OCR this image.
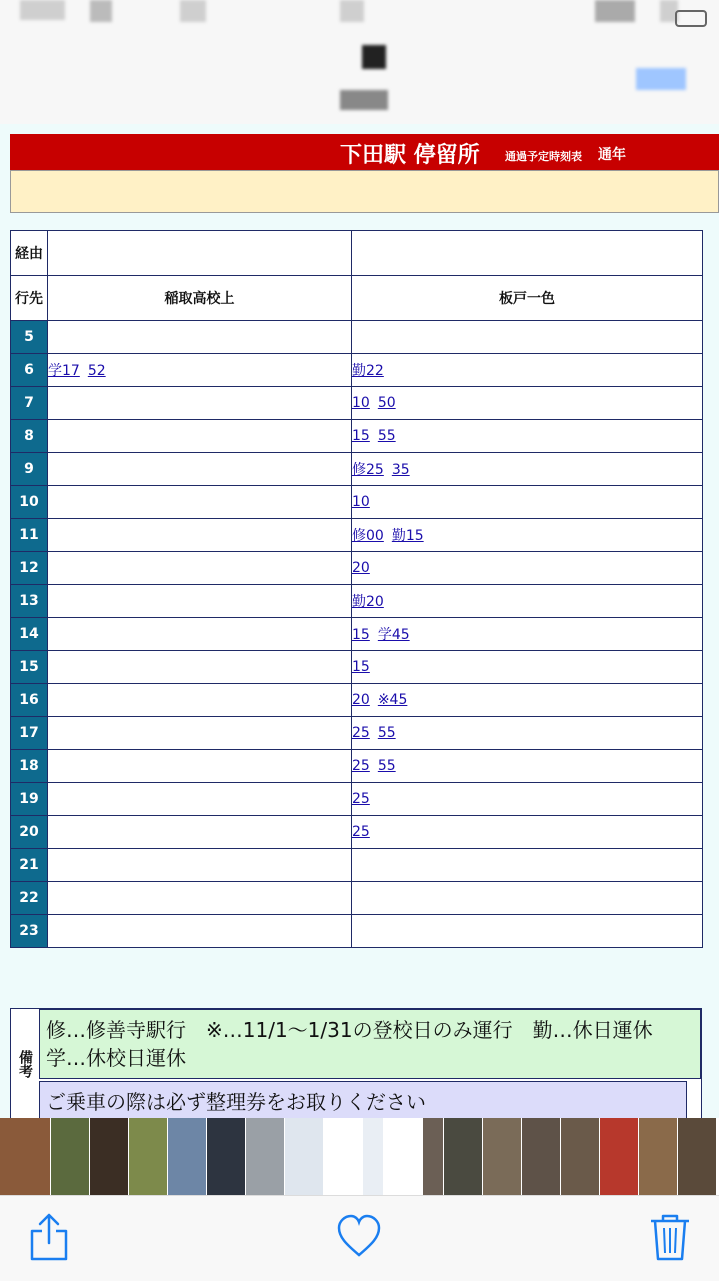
下田駅 停留所 通過予定時刻表 通年
経由		
行先	稲取高校上	板戸一色
5		
6	学17 52	勤22
7		10 50
8		15 55
9		修25 35
10		10
11		修00 勤15
12		20
13		勤20
14		15 学45
15		15
16		20 ※45
17		25 55
18		25 55
19		25
20		25
21		
22		
23		
備考
修…修善寺駅行　※…11/1〜1/31の登校日のみ運行　勤…休日運休　学…休校日運休
ご乗車の際は必ず整理券をお取りください
